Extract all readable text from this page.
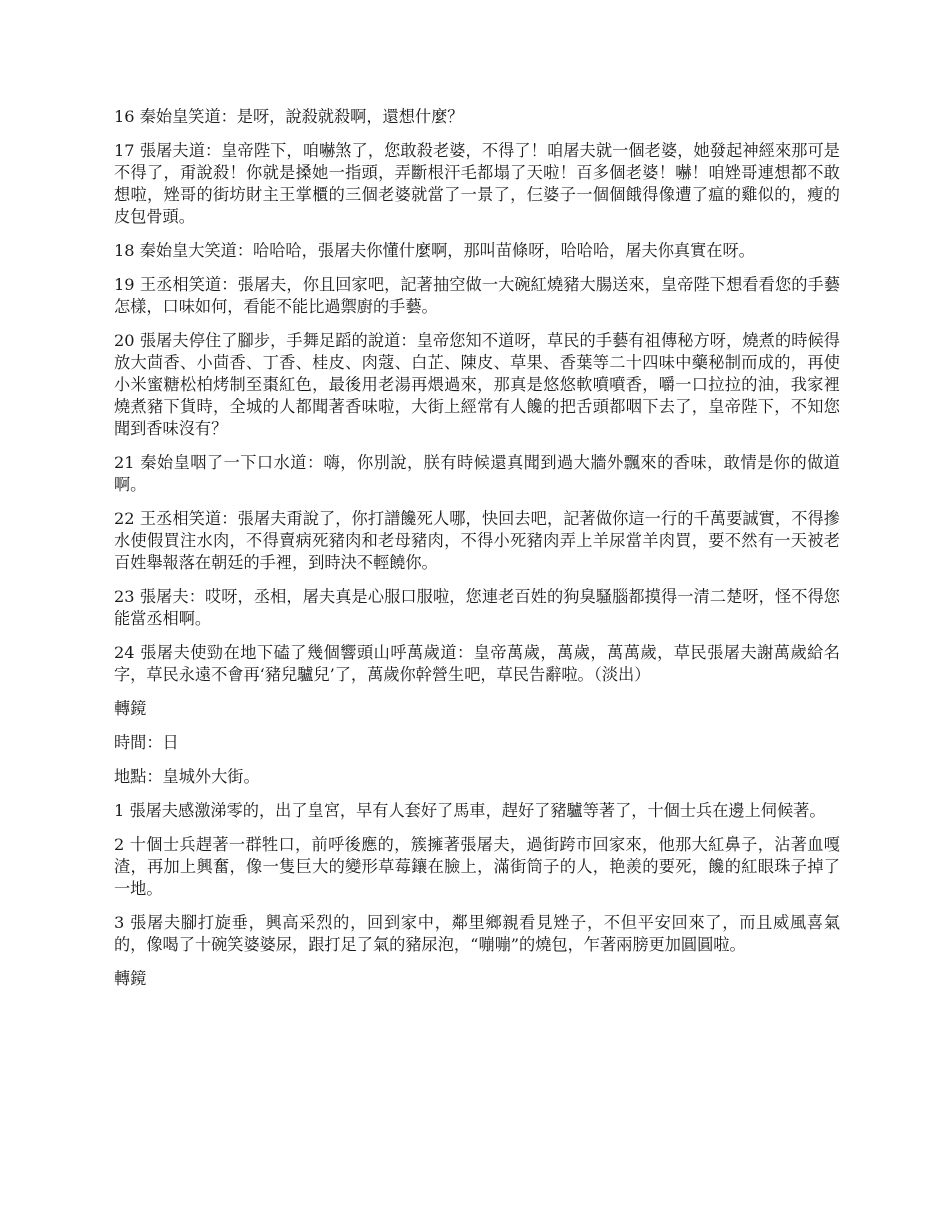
16 秦始皇笑道：是呀，說殺就殺啊，還想什麼？

17 張屠夫道：皇帝陛下，咱嚇煞了，您敢殺老婆，不得了！咱屠夫就一個老婆，她發起神經來那可是不得了，甭說殺！你就是搡她一指頭，弄斷根汗毛都塌了天啦！百多個老婆！嚇！咱矬哥連想都不敢想啦，矬哥的街坊財主王掌櫃的三個老婆就當了一景了，仨婆子一個個餓得像遭了瘟的雞似的，瘦的皮包骨頭。

18 秦始皇大笑道：哈哈哈，張屠夫你懂什麼啊，那叫苗條呀，哈哈哈，屠夫你真實在呀。

19 王丞相笑道：張屠夫，你且回家吧，記著抽空做一大碗紅燒豬大腸送來，皇帝陛下想看看您的手藝怎樣，口味如何，看能不能比過禦廚的手藝。

20 張屠夫停住了腳步，手舞足蹈的說道：皇帝您知不道呀，草民的手藝有祖傳秘方呀，燒煮的時候得放大茴香、小茴香、丁香、桂皮、肉蔻、白芷、陳皮、草果、香葉等二十四味中藥秘制而成的，再使小米蜜糖松柏烤制至棗紅色，最後用老湯再煨過來，那真是悠悠軟噴噴香，嚼一口拉拉的油，我家裡燒煮豬下貨時，全城的人都聞著香味啦，大街上經常有人饞的把舌頭都咽下去了，皇帝陛下，不知您聞到香味沒有？

21 秦始皇咽了一下口水道：嗨，你別說，朕有時候還真聞到過大牆外飄來的香味，敢情是你的做道啊。

22 王丞相笑道：張屠夫甭說了，你打譜饞死人哪，快回去吧，記著做你這一行的千萬要誠實，不得摻水使假買注水肉，不得賣病死豬肉和老母豬肉，不得小死豬肉弄上羊尿當羊肉買，要不然有一天被老百姓舉報落在朝廷的手裡，到時決不輕饒你。

23 張屠夫：哎呀，丞相，屠夫真是心服口服啦，您連老百姓的狗臭騷腦都摸得一清二楚呀，怪不得您能當丞相啊。

24 張屠夫使勁在地下磕了幾個響頭山呼萬歲道：皇帝萬歲，萬歲，萬萬歲，草民張屠夫謝萬歲給名字，草民永遠不會再‘豬兒驢兒’了，萬歲你幹營生吧，草民告辭啦。（淡出）

轉鏡

時間：日

地點：皇城外大街。

1 張屠夫感激涕零的，出了皇宮，早有人套好了馬車，趕好了豬驢等著了，十個士兵在邊上伺候著。

2 十個士兵趕著一群牲口，前呼後應的，簇擁著張屠夫，過街跨市回家來，他那大紅鼻子，沾著血嘎渣，再加上興奮，像一隻巨大的變形草莓鑲在臉上，滿街筒子的人，艳羨的要死，饞的紅眼珠子掉了一地。

3 張屠夫腳打旋垂，興高采烈的，回到家中，鄰里鄉親看見矬子，不但平安回來了，而且威風喜氣的，像喝了十碗笑婆婆尿，跟打足了氣的豬尿泡，“嘣嘣”的燒包，乍著兩膀更加圓圓啦。

轉鏡
